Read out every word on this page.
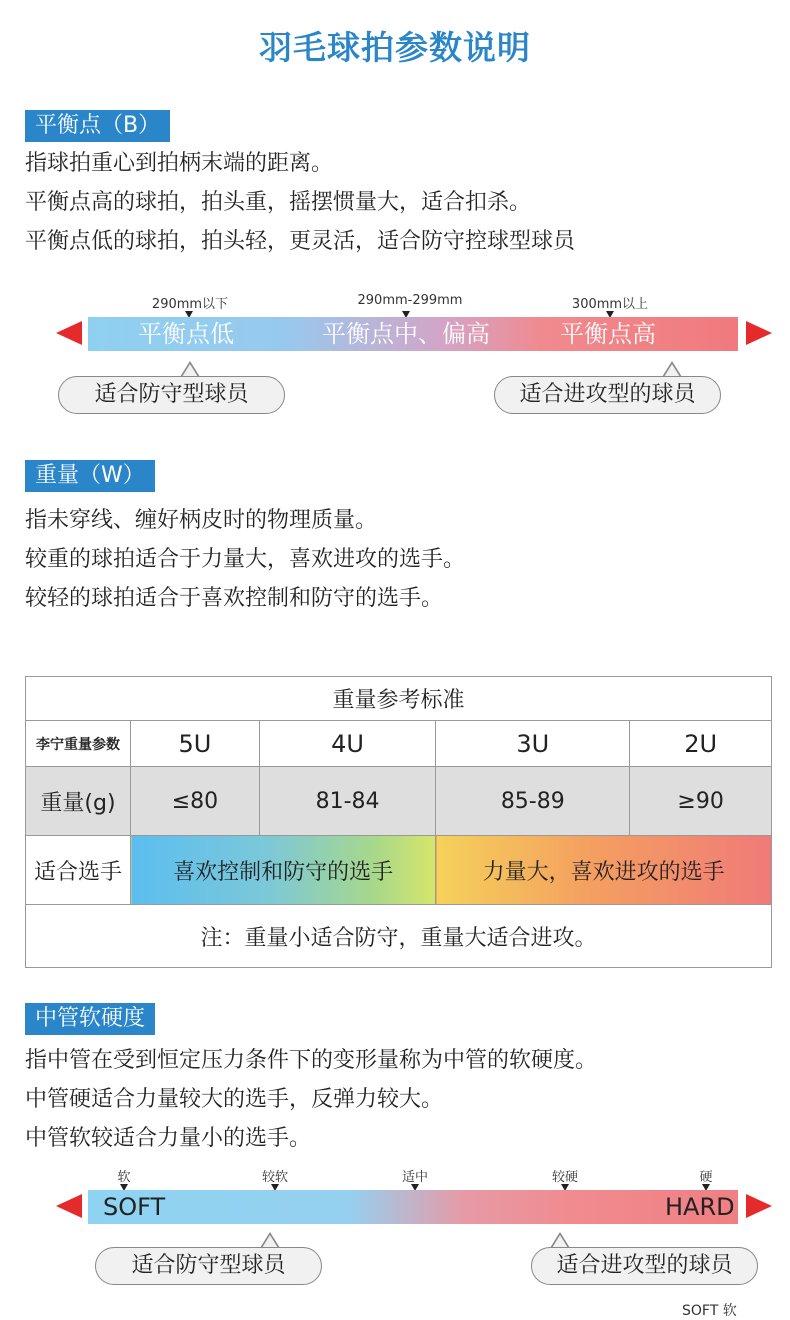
羽毛球拍参数说明
平衡点（B）
指球拍重心到拍柄末端的距离。
平衡点高的球拍，拍头重，摇摆惯量大，适合扣杀。
平衡点低的球拍，拍头轻，更灵活，适合防守控球型球员
290mm以下	290mm-299mm	300mm以上
平衡点低	平衡点中、偏高	平衡点高
适合防守型球员	适合进攻型的球员
重量（W）
指未穿线、缠好柄皮时的物理质量。
较重的球拍适合于力量大，喜欢进攻的选手。
较轻的球拍适合于喜欢控制和防守的选手。
重量参考标准				
李宁重量参数	5U	4U	3U	2U
重量(g)	≤80	81-84	85-89	≥90
适合选手	喜欢控制和防守的选手		力量大，喜欢进攻的选手	
注：重量小适合防守，重量大适合进攻。				
中管软硬度
指中管在受到恒定压力条件下的变形量称为中管的软硬度。
中管硬适合力量较大的选手，反弹力较大。
中管软较适合力量小的选手。
软	较软	适中	较硬	硬
SOFT	HARD
适合防守型球员	适合进攻型的球员
SOFT 软
